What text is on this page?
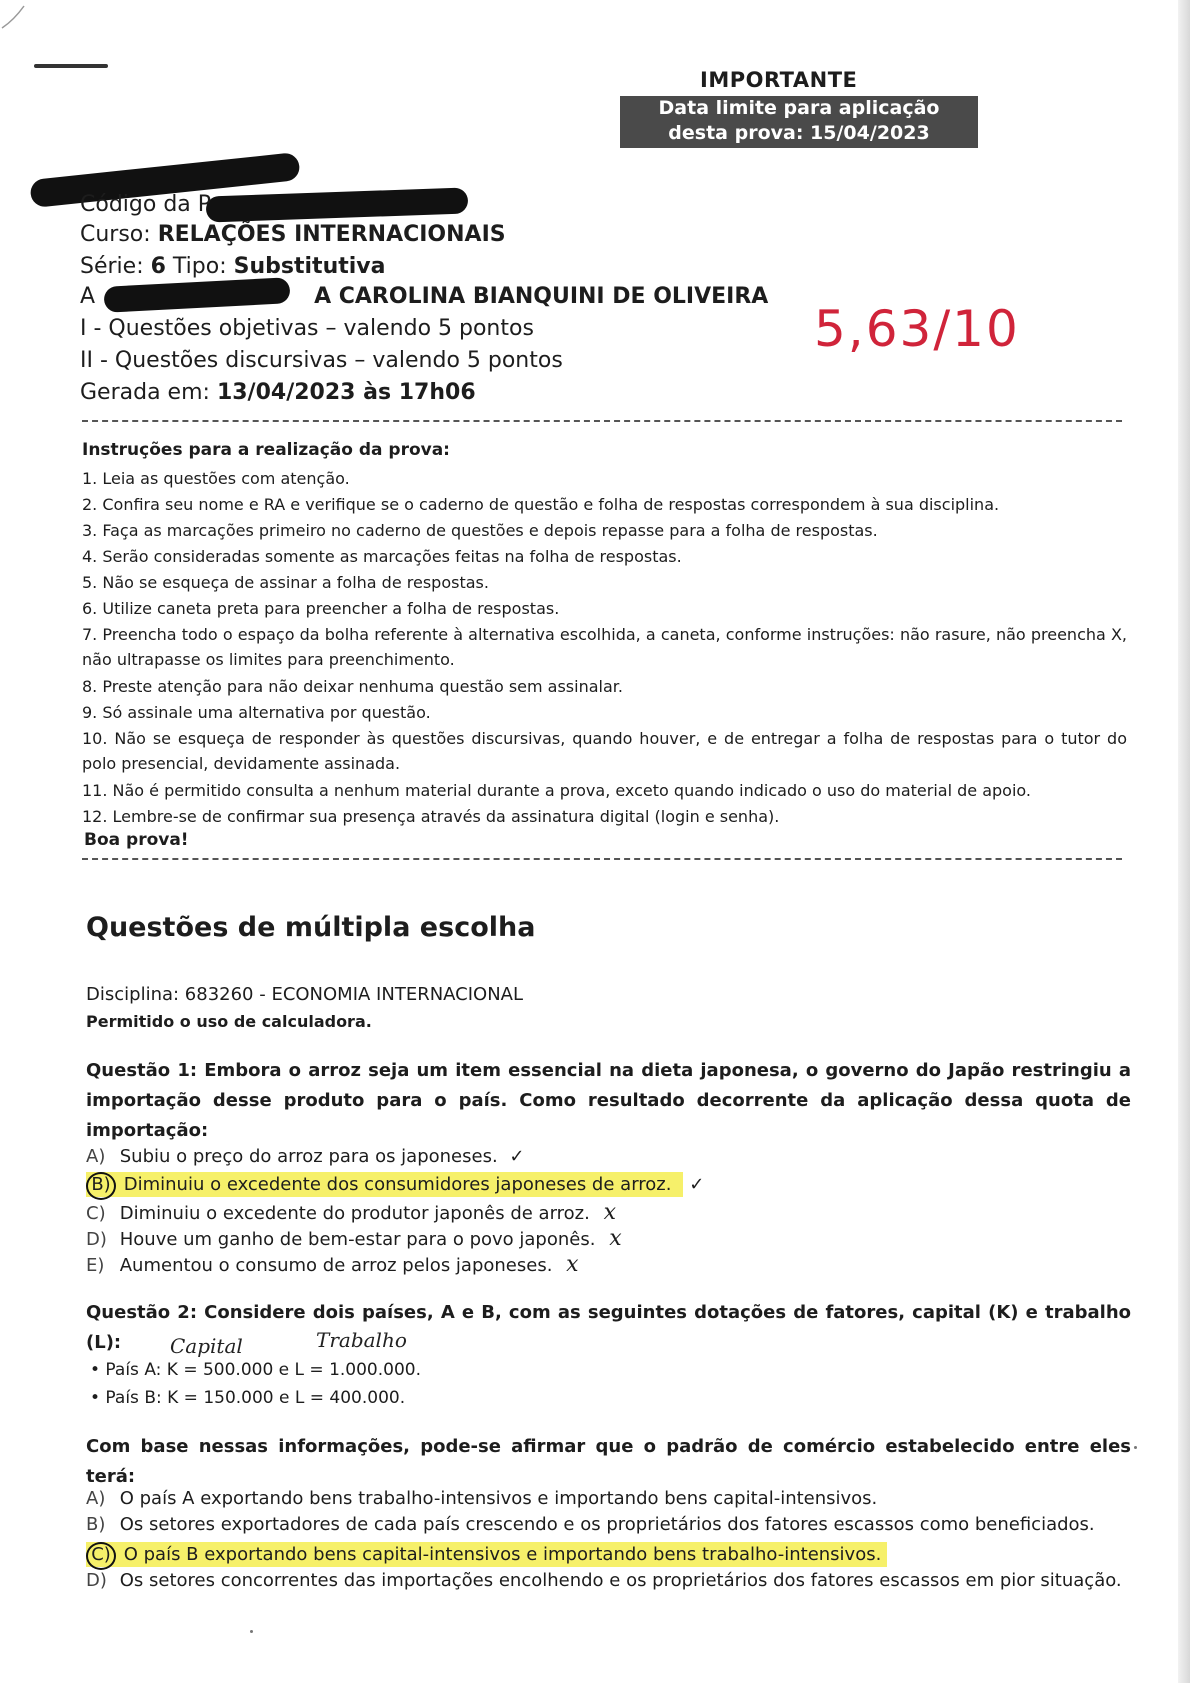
IMPORTANTE
Data limite para aplicação
desta prova: 15/04/2023
Código da P
Curso: RELAÇÕES INTERNACIONAIS
Série: 6 Tipo: Substitutiva
A	A CAROLINA BIANQUINI DE OLIVEIRA
I - Questões objetivas – valendo 5 pontos
II - Questões discursivas – valendo 5 pontos
Gerada em: 13/04/2023 às 17h06
5,63/10
Instruções para a realização da prova:
1. Leia as questões com atenção.
2. Confira seu nome e RA e verifique se o caderno de questão e folha de respostas correspondem à sua disciplina.
3. Faça as marcações primeiro no caderno de questões e depois repasse para a folha de respostas.
4. Serão consideradas somente as marcações feitas na folha de respostas.
5. Não se esqueça de assinar a folha de respostas.
6. Utilize caneta preta para preencher a folha de respostas.
7. Preencha todo o espaço da bolha referente à alternativa escolhida, a caneta, conforme instruções: não rasure, não preencha X, não ultrapasse os limites para preenchimento.
8. Preste atenção para não deixar nenhuma questão sem assinalar.
9. Só assinale uma alternativa por questão.
10. Não se esqueça de responder às questões discursivas, quando houver, e de entregar a folha de respostas para o tutor do polo presencial, devidamente assinada.
11. Não é permitido consulta a nenhum material durante a prova, exceto quando indicado o uso do material de apoio.
12. Lembre-se de confirmar sua presença através da assinatura digital (login e senha).
Boa prova!
Questões de múltipla escolha
Disciplina: 683260 - ECONOMIA INTERNACIONAL
Permitido o uso de calculadora.
Questão 1: Embora o arroz seja um item essencial na dieta japonesa, o governo do Japão restringiu a importação desse produto para o país. Como resultado decorrente da aplicação dessa quota de importação:
A) Subiu o preço do arroz para os japoneses. ✓
B) Diminuiu o excedente dos consumidores japoneses de arroz. ✓
C) Diminuiu o excedente do produtor japonês de arroz. x
D) Houve um ganho de bem-estar para o povo japonês. x
E) Aumentou o consumo de arroz pelos japoneses. x
Questão 2: Considere dois países, A e B, com as seguintes dotações de fatores, capital (K) e trabalho (L):	Capital	Trabalho
• País A: K = 500.000 e L = 1.000.000.
• País B: K = 150.000 e L = 400.000.
Com base nessas informações, pode-se afirmar que o padrão de comércio estabelecido entre eles terá:
A) O país A exportando bens trabalho-intensivos e importando bens capital-intensivos.
B) Os setores exportadores de cada país crescendo e os proprietários dos fatores escassos como beneficiados.
C) O país B exportando bens capital-intensivos e importando bens trabalho-intensivos.
D) Os setores concorrentes das importações encolhendo e os proprietários dos fatores escassos em pior situação.
